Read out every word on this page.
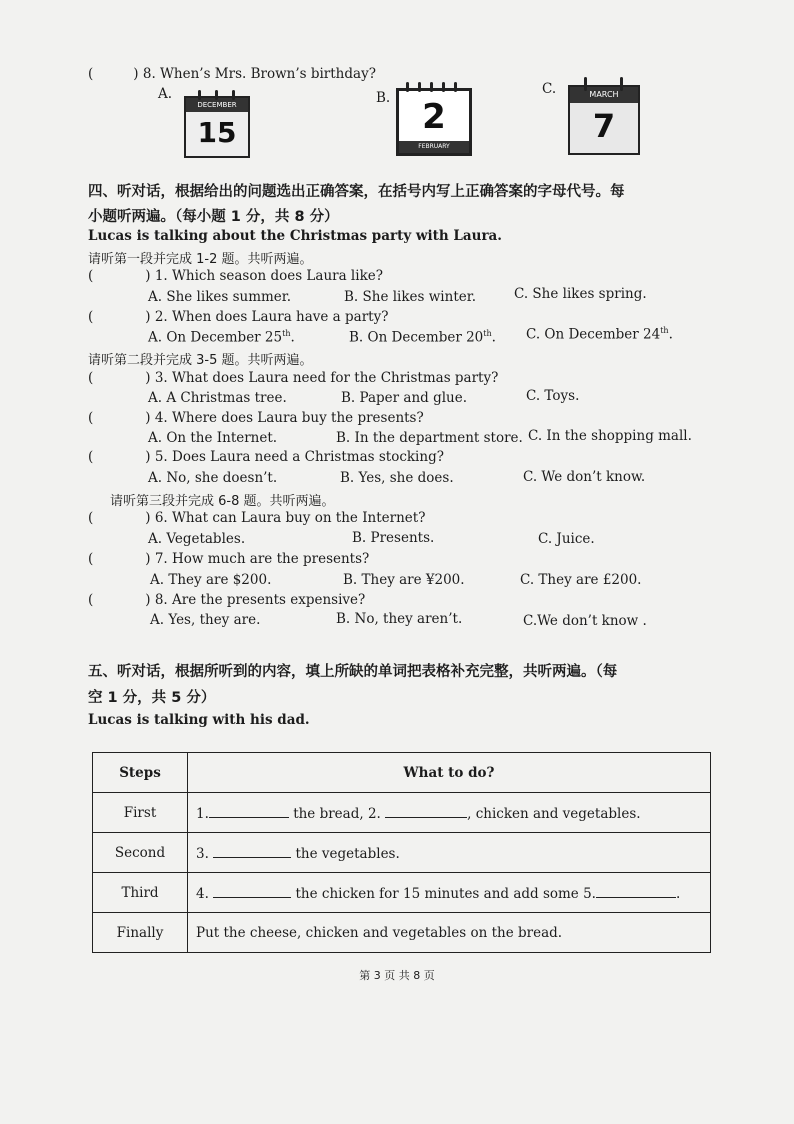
(	) 8. When’s Mrs. Brown’s birthday?
A.	B.
C.
DECEMBER
15	2
FEBRUARY
MARCH
7
四、听对话，根据给出的问题选出正确答案，在括号内写上正确答案的字母代号。每
小题听两遍。（每小题 1 分，共 8 分）
Lucas is talking about the Christmas party with Laura.
请听第一段并完成 1-2 题。共听两遍。
(	) 1. Which season does Laura like?
A. She likes summer.	B. She likes winter.	C. She likes spring.
(	) 2. When does Laura have a party?
A. On December 25th.	B. On December 20th. C. On December 24th.
请听第二段并完成 3-5 题。共听两遍。
(	) 3. What does Laura need for the Christmas party?
A. A Christmas tree.	B. Paper and glue.	C. Toys.
(	) 4. Where does Laura buy the presents?
A. On the Internet.	B. In the department store. C. In the shopping mall.
(	) 5. Does Laura need a Christmas stocking?
A. No, she doesn’t.	B. Yes, she does.	C. We don’t know.
请听第三段并完成 6-8 题。共听两遍。
(	) 6. What can Laura buy on the Internet?
A. Vegetables.	B. Presents.	C. Juice.
(	) 7. How much are the presents?
A. They are $200.	B. They are ¥200.	C. They are £200.
(	) 8. Are the presents expensive?
A. Yes, they are.	B. No, they aren’t.	C.We don’t know .
五、听对话，根据所听到的内容，填上所缺的单词把表格补充完整，共听两遍。（每
空 1 分，共 5 分）
Lucas is talking with his dad.
Steps	What to do?
First	1. the bread, 2. , chicken and vegetables.
Second	3. the vegetables.
Third	4. the chicken for 15 minutes and add some 5. .
Finally	Put the cheese, chicken and vegetables on the bread.
第 3 页 共 8 页
